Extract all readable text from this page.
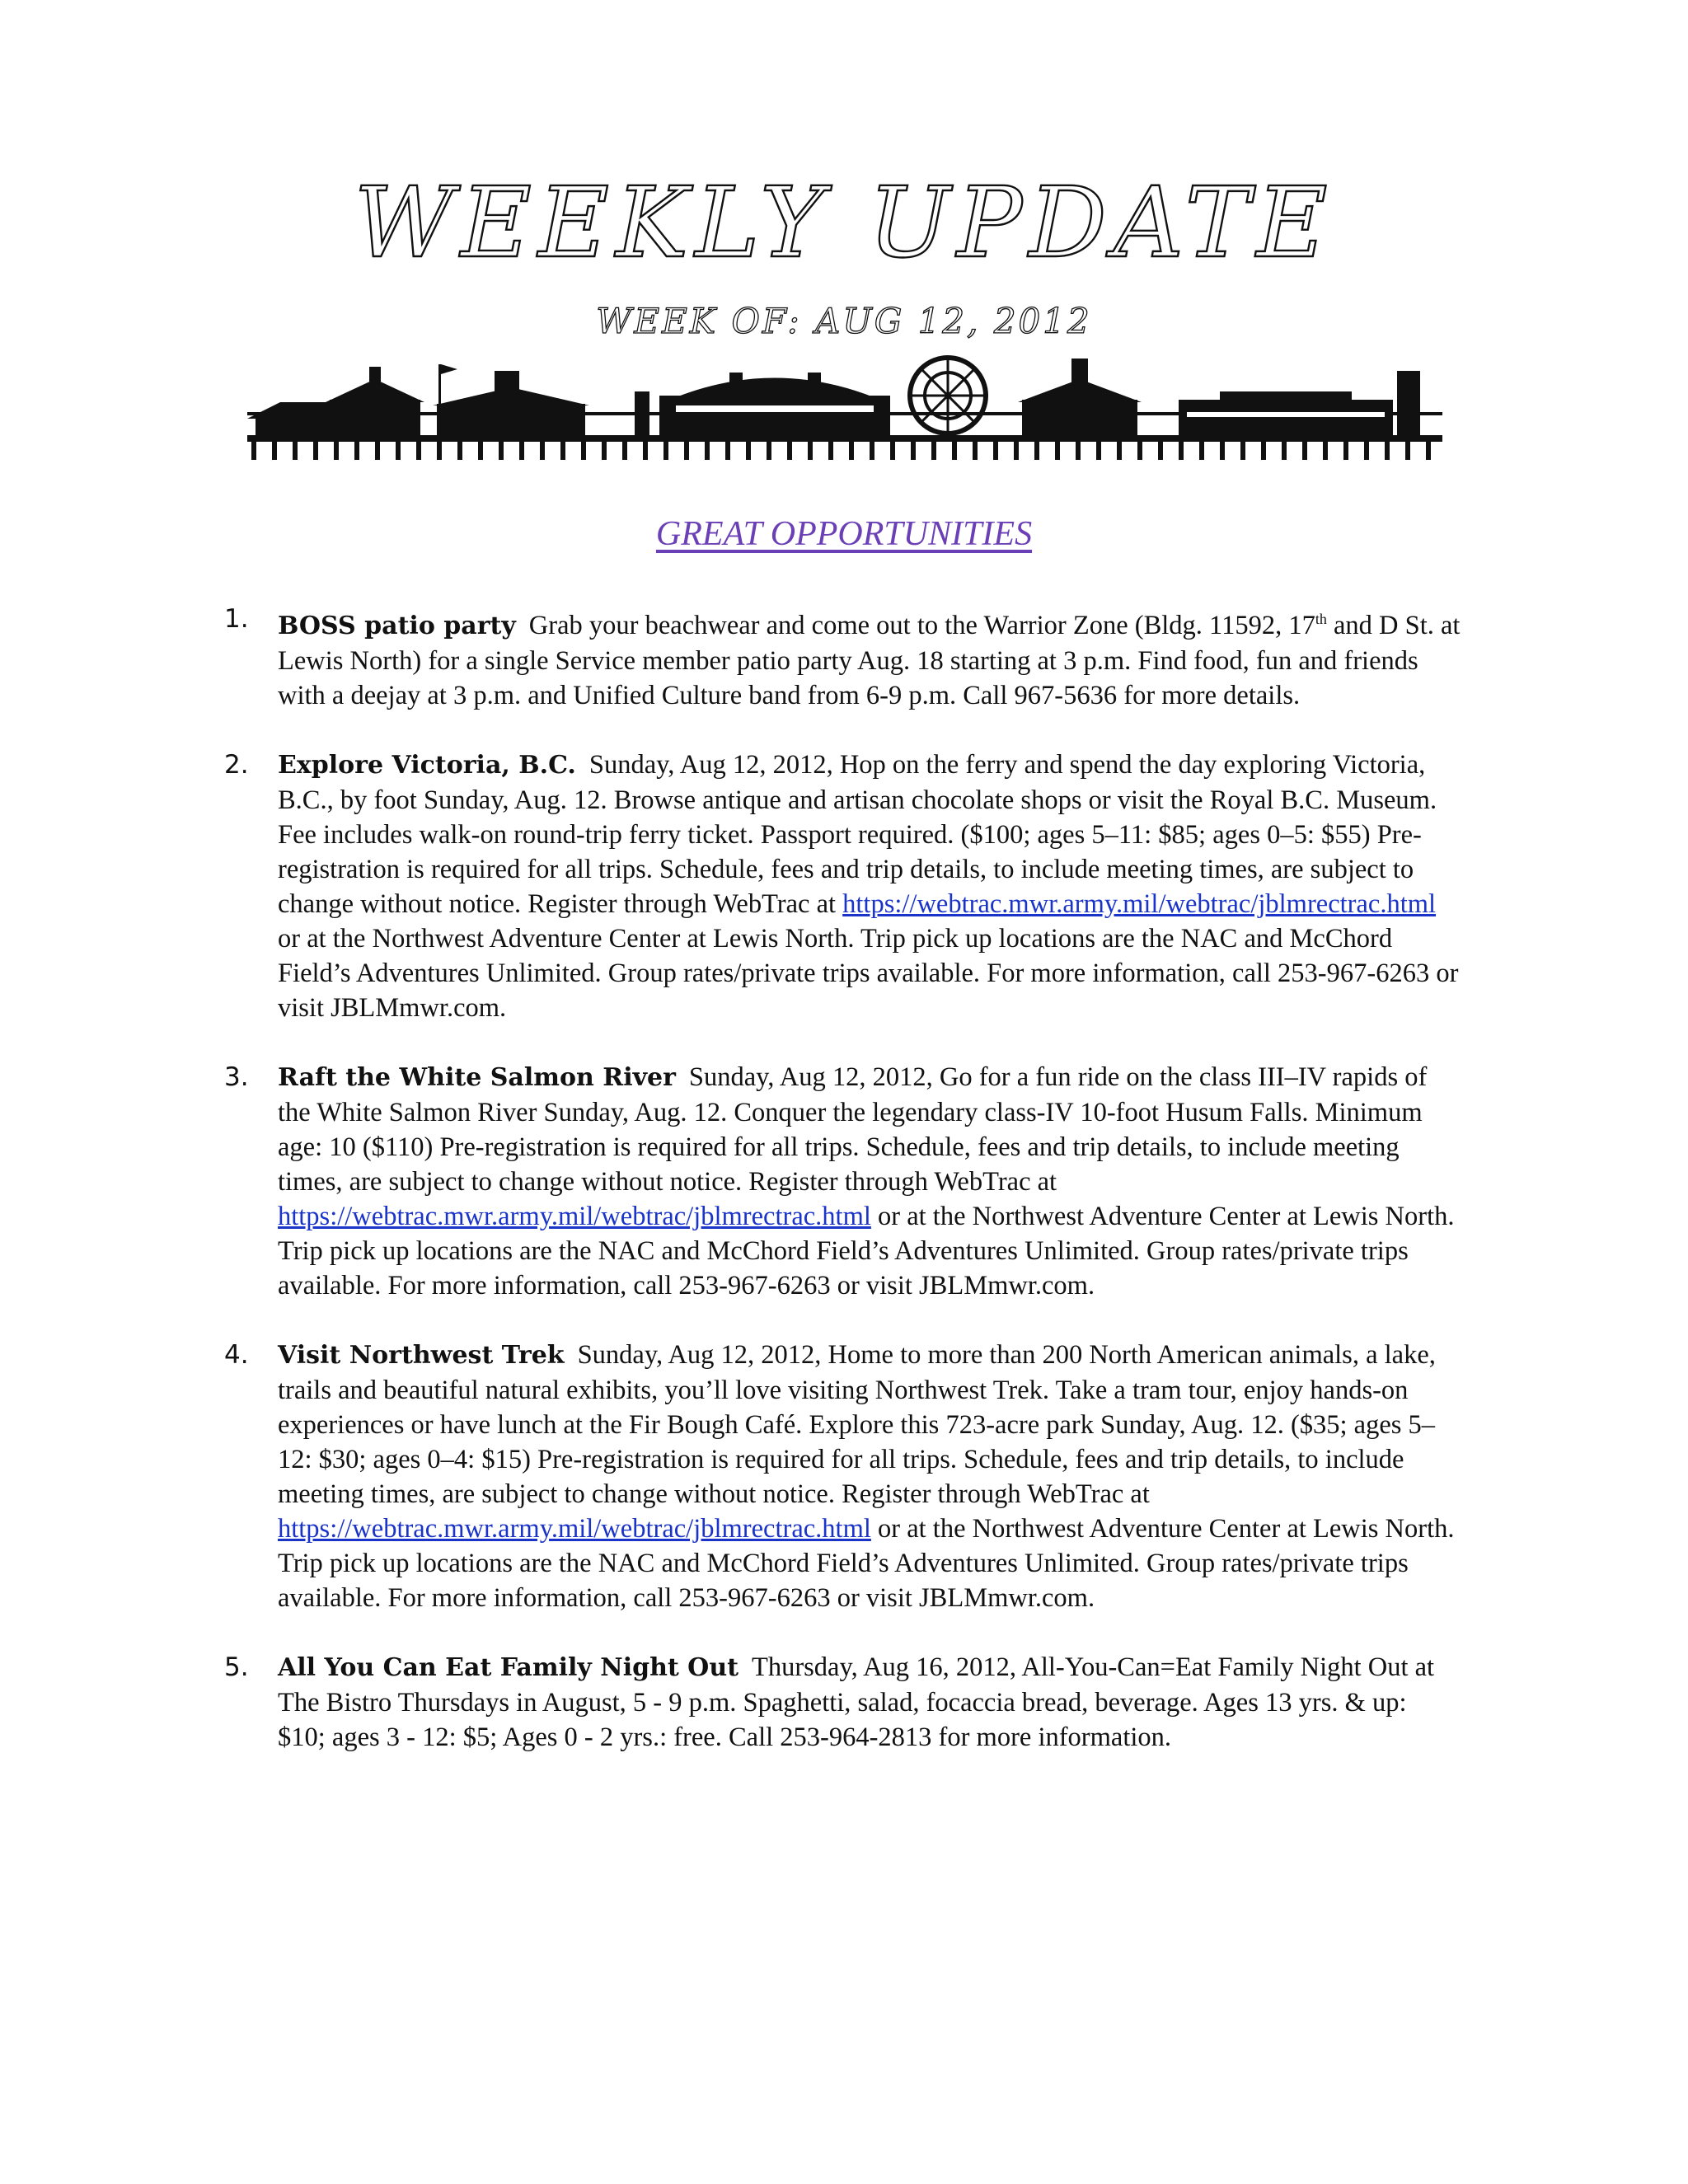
WEEKLY UPDATE
WEEK OF: AUG 12, 2012
GREAT OPPORTUNITIES
1. BOSS patio party Grab your beachwear and come out to the Warrior Zone (Bldg. 11592, 17th and D St. at Lewis North) for a single Service member patio party Aug. 18 starting at 3 p.m. Find food, fun and friends with a deejay at 3 p.m. and Unified Culture band from 6-9 p.m. Call 967-5636 for more details.
2. Explore Victoria, B.C. Sunday, Aug 12, 2012, Hop on the ferry and spend the day exploring Victoria, B.C., by foot Sunday, Aug. 12. Browse antique and artisan chocolate shops or visit the Royal B.C. Museum. Fee includes walk-on round-trip ferry ticket. Passport required. ($100; ages 5–11: $85; ages 0–5: $55) Pre-registration is required for all trips. Schedule, fees and trip details, to include meeting times, are subject to change without notice. Register through WebTrac at https://webtrac.mwr.army.mil/webtrac/jblmrectrac.html or at the Northwest Adventure Center at Lewis North. Trip pick up locations are the NAC and McChord Field’s Adventures Unlimited. Group rates/private trips available. For more information, call 253-967-6263 or visit JBLMmwr.com.
3. Raft the White Salmon River Sunday, Aug 12, 2012, Go for a fun ride on the class III–IV rapids of the White Salmon River Sunday, Aug. 12. Conquer the legendary class-IV 10-foot Husum Falls. Minimum age: 10 ($110) Pre-registration is required for all trips. Schedule, fees and trip details, to include meeting times, are subject to change without notice. Register through WebTrac at https://webtrac.mwr.army.mil/webtrac/jblmrectrac.html or at the Northwest Adventure Center at Lewis North. Trip pick up locations are the NAC and McChord Field’s Adventures Unlimited. Group rates/private trips available. For more information, call 253-967-6263 or visit JBLMmwr.com.
4. Visit Northwest Trek Sunday, Aug 12, 2012, Home to more than 200 North American animals, a lake, trails and beautiful natural exhibits, you’ll love visiting Northwest Trek. Take a tram tour, enjoy hands-on experiences or have lunch at the Fir Bough Café. Explore this 723-acre park Sunday, Aug. 12. ($35; ages 5–12: $30; ages 0–4: $15) Pre-registration is required for all trips. Schedule, fees and trip details, to include meeting times, are subject to change without notice. Register through WebTrac at https://webtrac.mwr.army.mil/webtrac/jblmrectrac.html or at the Northwest Adventure Center at Lewis North. Trip pick up locations are the NAC and McChord Field’s Adventures Unlimited. Group rates/private trips available. For more information, call 253-967-6263 or visit JBLMmwr.com.
5. All You Can Eat Family Night Out Thursday, Aug 16, 2012, All-You-Can=Eat Family Night Out at The Bistro Thursdays in August, 5 - 9 p.m. Spaghetti, salad, focaccia bread, beverage. Ages 13 yrs. & up: $10; ages 3 - 12: $5; Ages 0 - 2 yrs.: free. Call 253-964-2813 for more information.
